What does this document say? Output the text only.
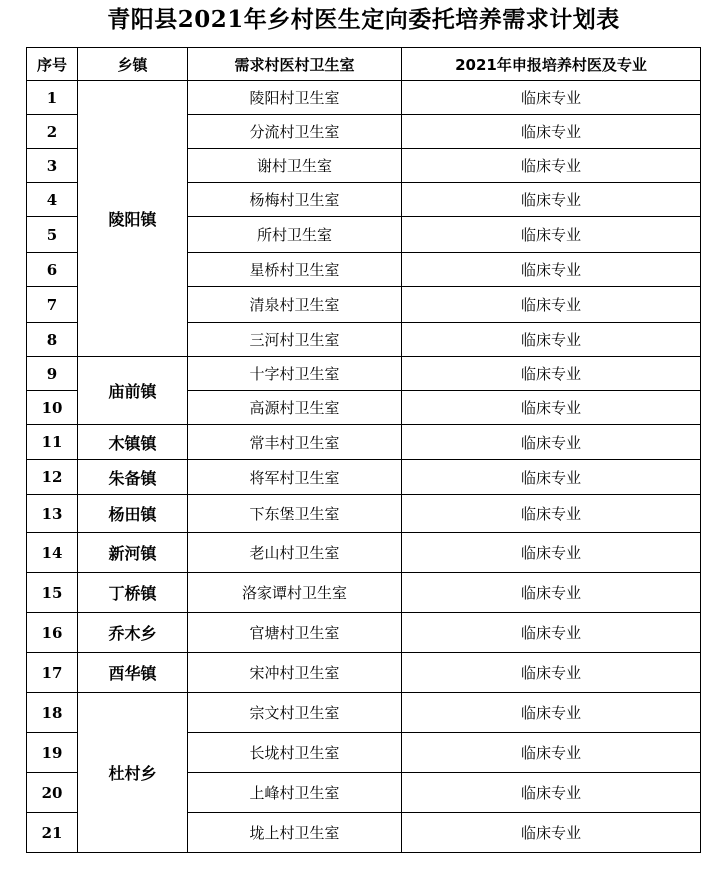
青阳县2021年乡村医生定向委托培养需求计划表
序号	乡镇	需求村医村卫生室	2021年申报培养村医及专业
1	陵阳镇	陵阳村卫生室	临床专业
2		分流村卫生室	临床专业
3		谢村卫生室	临床专业
4		杨梅村卫生室	临床专业
5		所村卫生室	临床专业
6		星桥村卫生室	临床专业
7		清泉村卫生室	临床专业
8		三河村卫生室	临床专业
9	庙前镇	十字村卫生室	临床专业
10		高源村卫生室	临床专业
11	木镇镇	常丰村卫生室	临床专业
12	朱备镇	将军村卫生室	临床专业
13	杨田镇	下东堡卫生室	临床专业
14	新河镇	老山村卫生室	临床专业
15	丁桥镇	洛家谭村卫生室	临床专业
16	乔木乡	官塘村卫生室	临床专业
17	酉华镇	宋冲村卫生室	临床专业
18	杜村乡	宗文村卫生室	临床专业
19		长垅村卫生室	临床专业
20		上峰村卫生室	临床专业
21		垅上村卫生室	临床专业
